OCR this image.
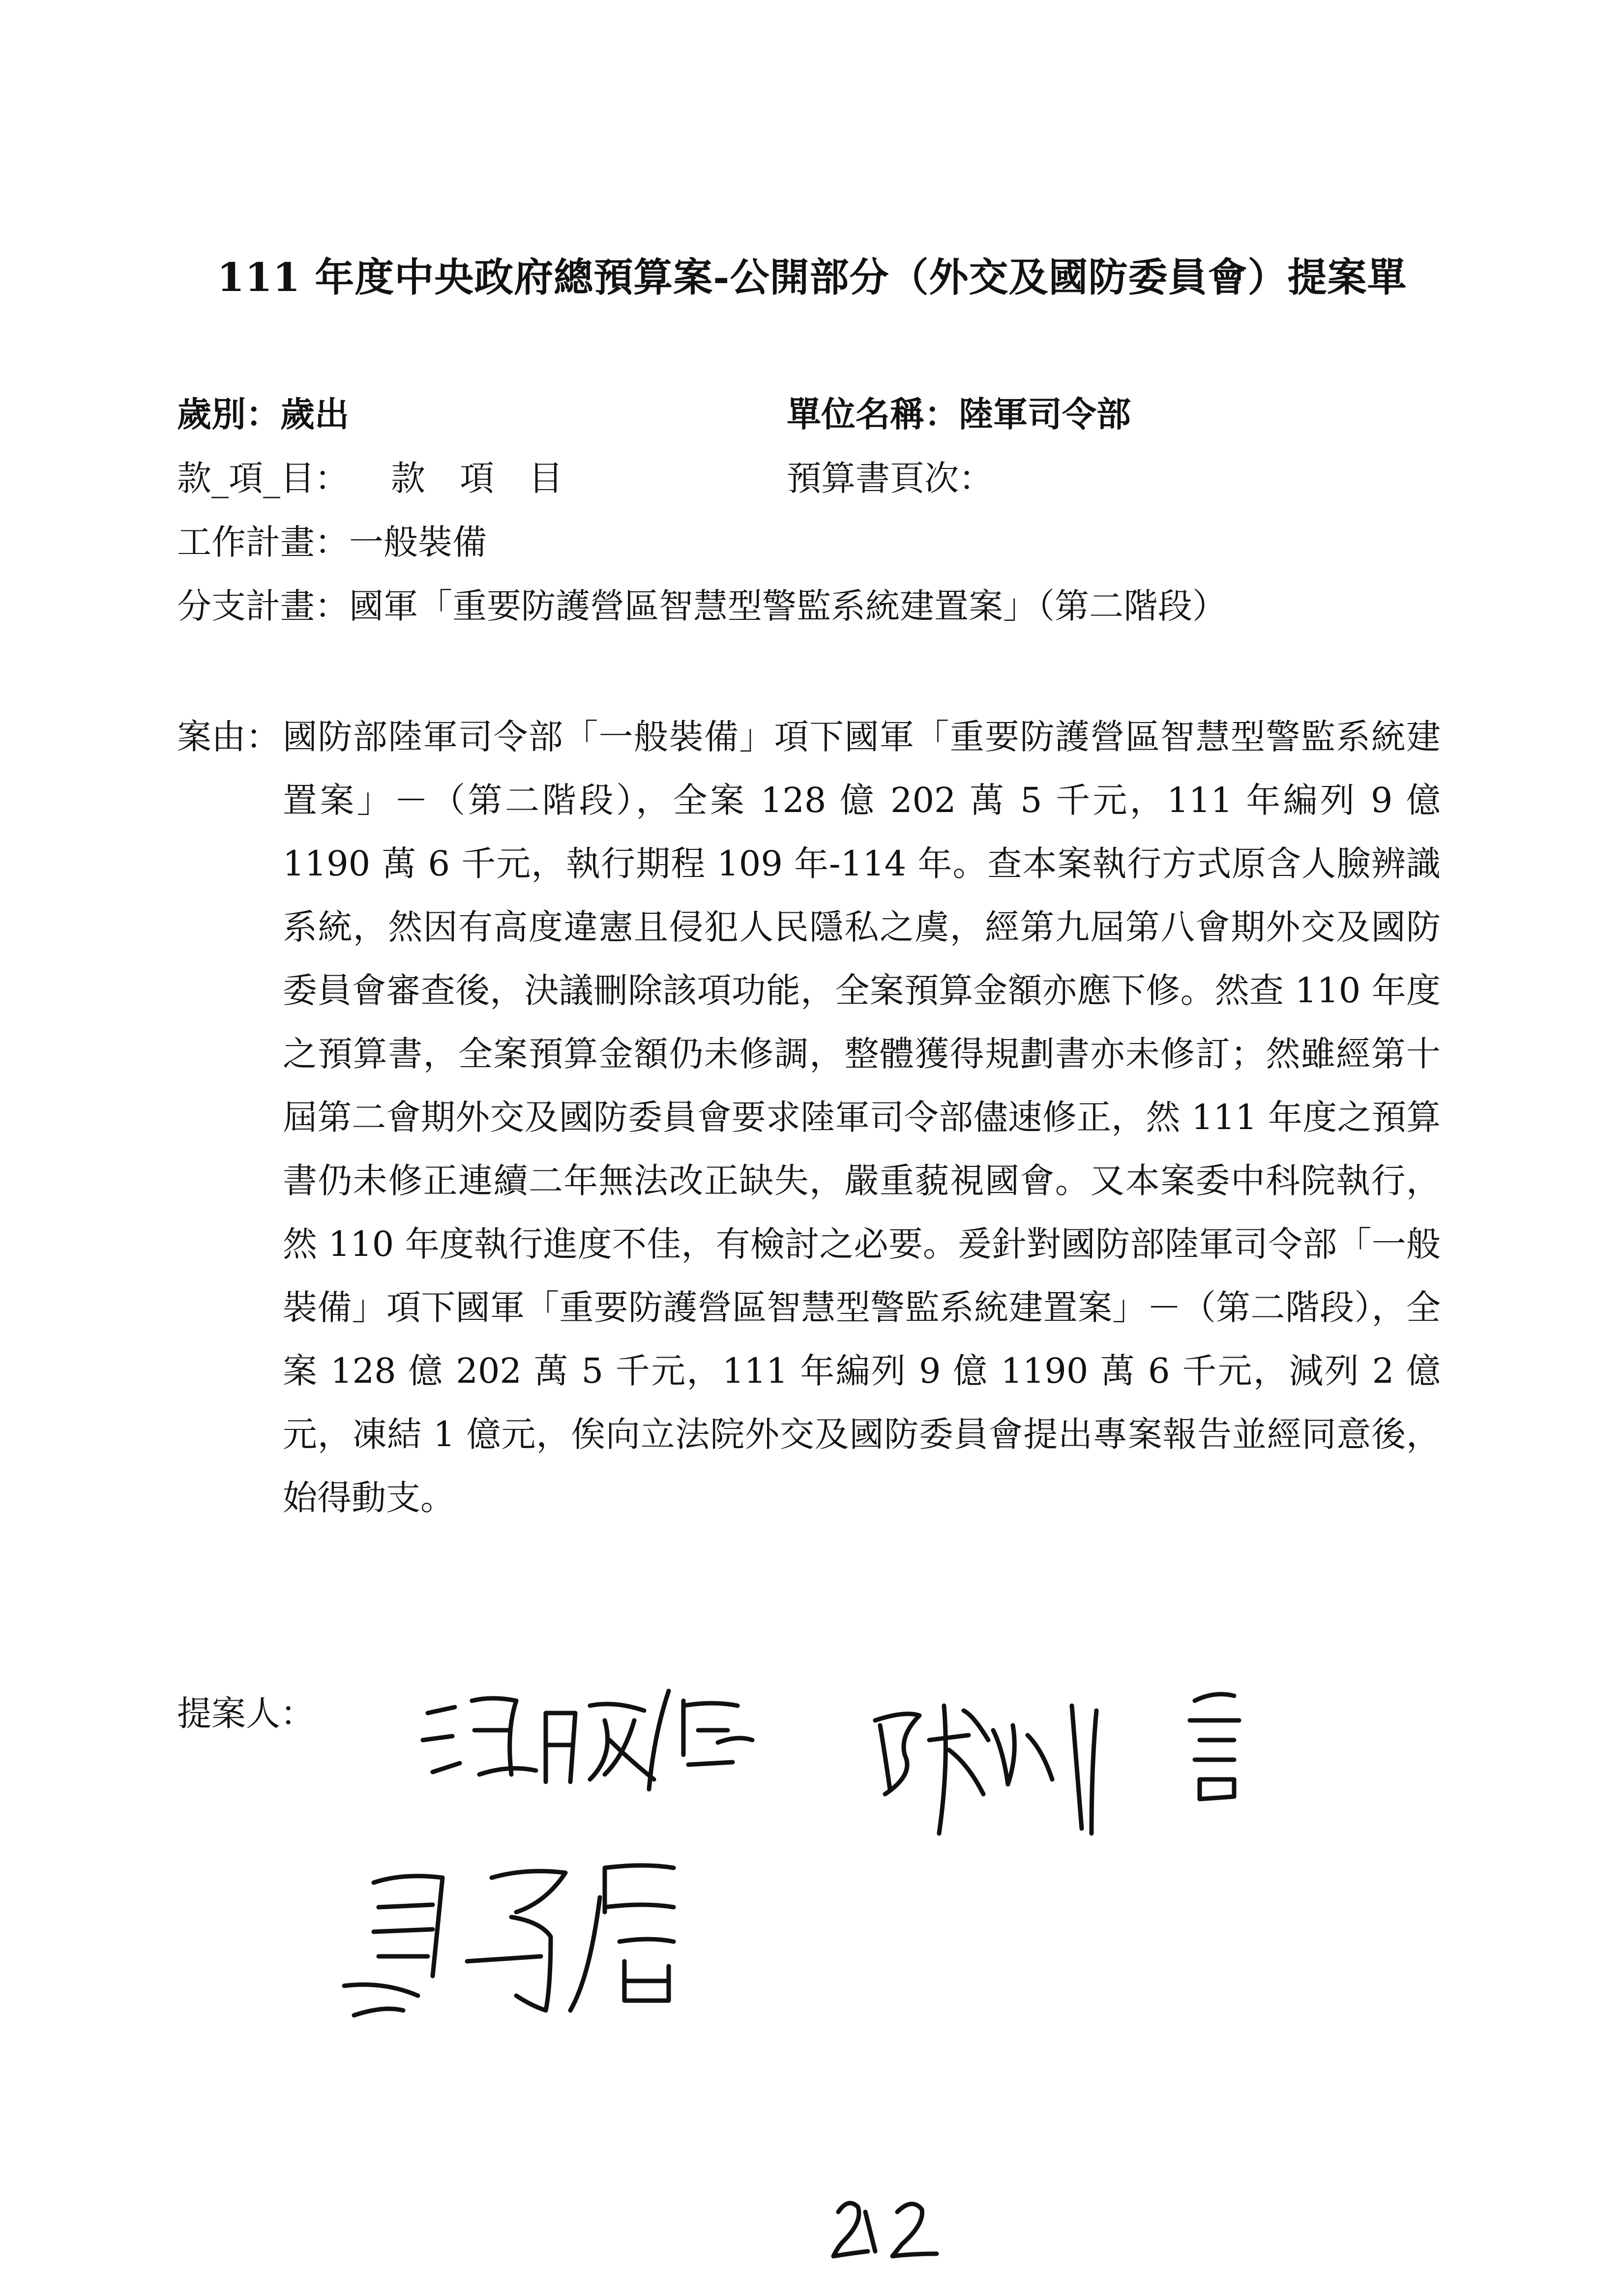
111 年度中央政府總預算案-公開部分（外交及國防委員會）提案單
歲別：歲出	單位名稱：陸軍司令部
款_項_目： 款 項 目	預算書頁次：
工作計畫：一般裝備
分支計畫：國軍「重要防護營區智慧型警監系統建置案」（第二階段）
案由： 國防部陸軍司令部「一般裝備」項下國軍「重要防護營區智慧型警監系統建置案」－（第二階段），全案 128 億 202 萬 5 千元，111 年編列 9 億 1190 萬 6 千元，執行期程 109 年-114 年。查本案執行方式原含人臉辨識系統，然因有高度違憲且侵犯人民隱私之虞，經第九屆第八會期外交及國防委員會審查後，決議刪除該項功能，全案預算金額亦應下修。然查 110 年度之預算書，全案預算金額仍未修調，整體獲得規劃書亦未修訂；然雖經第十屆第二會期外交及國防委員會要求陸軍司令部儘速修正，然 111 年度之預算書仍未修正連續二年無法改正缺失，嚴重藐視國會。又本案委中科院執行，然 110 年度執行進度不佳，有檢討之必要。爰針對國防部陸軍司令部「一般裝備」項下國軍「重要防護營區智慧型警監系統建置案」－（第二階段），全案 128 億 202 萬 5 千元，111 年編列 9 億 1190 萬 6 千元，減列 2 億元，凍結 1 億元，俟向立法院外交及國防委員會提出專案報告並經同意後，始得動支。
提案人：
212
